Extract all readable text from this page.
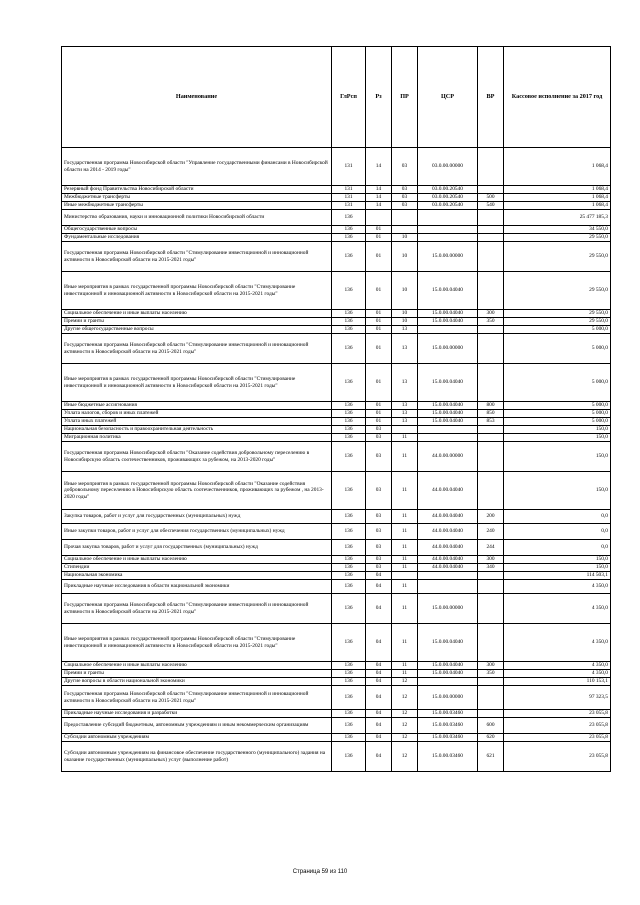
Наименование	ГлРсп	Рз	ПР	ЦСР	ВР	Кассовое исполнение за 2017 год
Государственная программа Новосибирской области "Управление государственными финансами в Новосибирской области на 2014 - 2019 годы"	131	14	03	03.0.00.00000		1 068,4
Резервный фонд Правительства Новосибирской области	131	14	03	03.0.00.20540		1 068,4
Межбюджетные трансферты	131	14	03	03.0.00.20540	500	1 068,4
Иные межбюджетные трансферты	131	14	03	03.0.00.20540	540	1 068,4
Министерство образования, науки и инновационной политики Новосибирской области	136					25 477 185,3
Общегосударственные вопросы	136	01				34 550,0
Фундаментальные исследования	136	01	10			29 550,0
Государственная программа Новосибирской области "Стимулирование инвестиционной и инновационной активности в Новосибирской области на 2015-2021 годы"	136	01	10	15.0.00.00000		29 550,0
Иные мероприятия в рамках государственной программы Новосибирской области "Стимулирование инвестиционной и инновационной активности в Новосибирской области на 2015-2021 годы"	136	01	10	15.0.00.04040		29 550,0
Социальное обеспечение и иные выплаты населению	136	01	10	15.0.00.04040	300	29 550,0
Премии и гранты	136	01	10	15.0.00.04040	350	29 550,0
Другие общегосударственные вопросы	136	01	13			5 000,0
Государственная программа Новосибирской области "Стимулирование инвестиционной и инновационной активности в Новосибирской области на 2015-2021 годы"	136	01	13	15.0.00.00000		5 000,0
Иные мероприятия в рамках государственной программы Новосибирской области "Стимулирование инвестиционной и инновационной активности в Новосибирской области на 2015-2021 годы"	136	01	13	15.0.00.04040		5 000,0
Иные бюджетные ассигнования	136	01	13	15.0.00.04040	800	5 000,0
Уплата налогов, сборов и иных платежей	136	01	13	15.0.00.04040	850	5 000,0
Уплата иных платежей	136	01	13	15.0.00.04040	853	5 000,0
Национальная безопасность и правоохранительная деятельность	136	03				150,0
Миграционная политика	136	03	11			150,0
Государственная программа Новосибирской области "Оказание содействия добровольному переселению в Новосибирскую область соотечественников, проживающих за рубежом, на 2013-2020 годы"	136	03	11	44.0.00.00000		150,0
Иные мероприятия в рамках государственной программы Новосибирской области "Оказание содействия добровольному переселению в Новосибирскую область соотечественников, проживающих за рубежом , на 2013-2020 годы"	136	03	11	44.0.00.04040		150,0
Закупка товаров, работ и услуг для государственных (муниципальных) нужд	136	03	11	44.0.00.04040	200	0,0
Иные закупки товаров, работ и услуг для обеспечения государственных (муниципальных) нужд	136	03	11	44.0.00.04040	240	0,0
Прочая закупка товаров, работ и услуг для государственных (муниципальных) нужд	136	03	11	44.0.00.04040	244	0,0
Социальное обеспечение и иные выплаты населению	136	03	11	44.0.00.04040	300	150,0
Стипендии	136	03	11	44.0.00.04040	340	150,0
Национальная экономика	136	04				114 503,1
Прикладные научные исследования в области национальной экономики	136	04	11			4 350,0
Государственная программа Новосибирской области "Стимулирование инвестиционной и инновационной активности в Новосибирской области на 2015-2021 годы"	136	04	11	15.0.00.00000		4 350,0
Иные мероприятия в рамках государственной программы Новосибирской области "Стимулирование инвестиционной и инновационной активности в Новосибирской области на 2015-2021 годы"	136	04	11	15.0.00.04040		4 350,0
Социальное обеспечение и иные выплаты населению	136	04	11	15.0.00.04040	300	4 350,0
Премии и гранты	136	04	11	15.0.00.04040	350	4 350,0
Другие вопросы в области национальной экономики	136	04	12			110 153,1
Государственная программа Новосибирской области "Стимулирование инвестиционной и инновационной активности в Новосибирской области на 2015-2021 годы"	136	04	12	15.0.00.00000		97 323,5
Прикладные научные исследования и разработки	136	04	12	15.0.00.03460		23 055,8
Предоставление субсидий бюджетным, автономным учреждениям и иным некоммерческим организациям	136	04	12	15.0.00.03460	600	23 055,8
Субсидии автономным учреждениям	136	04	12	15.0.00.03460	620	23 055,8
Субсидии автономным учреждениям на финансовое обеспечение государственного (муниципального) задания на оказание государственных (муниципальных) услуг (выполнение работ)	136	04	12	15.0.00.03460	621	23 055,8
Страница 59 из 110
